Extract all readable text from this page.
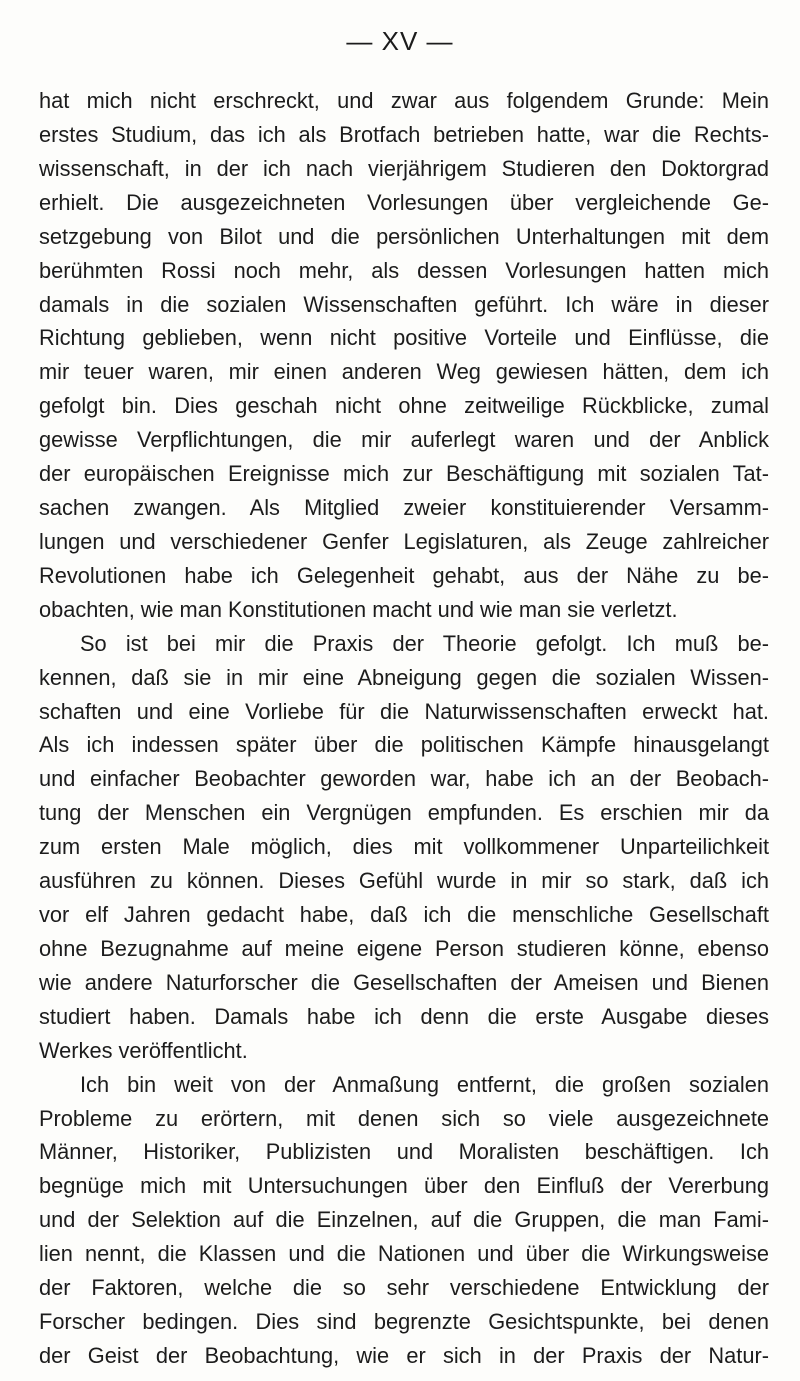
— XV —
hat mich nicht erschreckt, und zwar aus folgendem Grunde: Mein
erstes Studium, das ich als Brotfach betrieben hatte, war die Rechts-
wissenschaft, in der ich nach vierjährigem Studieren den Doktorgrad
erhielt. Die ausgezeichneten Vorlesungen über vergleichende Ge-
setzgebung von Bilot und die persönlichen Unterhaltungen mit dem
berühmten Rossi noch mehr, als dessen Vorlesungen hatten mich
damals in die sozialen Wissenschaften geführt. Ich wäre in dieser
Richtung geblieben, wenn nicht positive Vorteile und Einflüsse, die
mir teuer waren, mir einen anderen Weg gewiesen hätten, dem ich
gefolgt bin. Dies geschah nicht ohne zeitweilige Rückblicke, zumal
gewisse Verpflichtungen, die mir auferlegt waren und der Anblick
der europäischen Ereignisse mich zur Beschäftigung mit sozialen Tat-
sachen zwangen. Als Mitglied zweier konstituierender Versamm-
lungen und verschiedener Genfer Legislaturen, als Zeuge zahlreicher
Revolutionen habe ich Gelegenheit gehabt, aus der Nähe zu be-
obachten, wie man Konstitutionen macht und wie man sie verletzt.
So ist bei mir die Praxis der Theorie gefolgt. Ich muß be-
kennen, daß sie in mir eine Abneigung gegen die sozialen Wissen-
schaften und eine Vorliebe für die Naturwissenschaften erweckt hat.
Als ich indessen später über die politischen Kämpfe hinausgelangt
und einfacher Beobachter geworden war, habe ich an der Beobach-
tung der Menschen ein Vergnügen empfunden. Es erschien mir da
zum ersten Male möglich, dies mit vollkommener Unparteilichkeit
ausführen zu können. Dieses Gefühl wurde in mir so stark, daß ich
vor elf Jahren gedacht habe, daß ich die menschliche Gesellschaft
ohne Bezugnahme auf meine eigene Person studieren könne, ebenso
wie andere Naturforscher die Gesellschaften der Ameisen und Bienen
studiert haben. Damals habe ich denn die erste Ausgabe dieses
Werkes veröffentlicht.
Ich bin weit von der Anmaßung entfernt, die großen sozialen
Probleme zu erörtern, mit denen sich so viele ausgezeichnete
Männer, Historiker, Publizisten und Moralisten beschäftigen. Ich
begnüge mich mit Untersuchungen über den Einfluß der Vererbung
und der Selektion auf die Einzelnen, auf die Gruppen, die man Fami-
lien nennt, die Klassen und die Nationen und über die Wirkungsweise
der Faktoren, welche die so sehr verschiedene Entwicklung der
Forscher bedingen. Dies sind begrenzte Gesichtspunkte, bei denen
der Geist der Beobachtung, wie er sich in der Praxis der Natur-
